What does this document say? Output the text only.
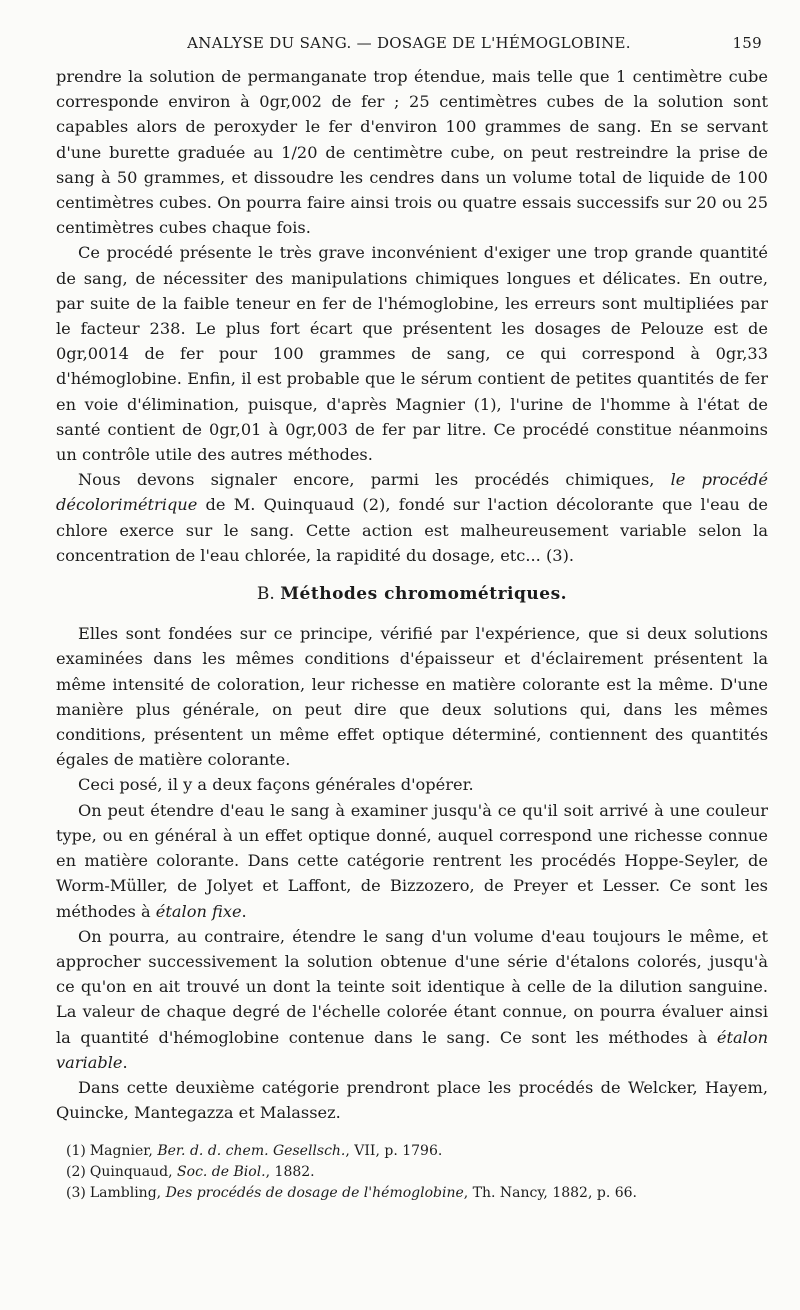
ANALYSE DU SANG. — DOSAGE DE L'HÉMOGLOBINE.	159

prendre la solution de permanganate trop étendue, mais telle que 1 centimètre cube corresponde environ à 0gr,002 de fer ; 25 centimètres cubes de la solution sont capables alors de peroxyder le fer d'environ 100 grammes de sang. En se servant d'une burette graduée au 1/20 de centimètre cube, on peut restreindre la prise de sang à 50 grammes, et dissoudre les cendres dans un volume total de liquide de 100 centimètres cubes. On pourra faire ainsi trois ou quatre essais successifs sur 20 ou 25 centimètres cubes chaque fois.

Ce procédé présente le très grave inconvénient d'exiger une trop grande quantité de sang, de nécessiter des manipulations chimiques longues et délicates. En outre, par suite de la faible teneur en fer de l'hémoglobine, les erreurs sont multipliées par le facteur 238. Le plus fort écart que présentent les dosages de Pelouze est de 0gr,0014 de fer pour 100 grammes de sang, ce qui correspond à 0gr,33 d'hémoglobine. Enfin, il est probable que le sérum contient de petites quantités de fer en voie d'élimination, puisque, d'après Magnier (1), l'urine de l'homme à l'état de santé contient de 0gr,01 à 0gr,003 de fer par litre. Ce procédé constitue néanmoins un contrôle utile des autres méthodes.

Nous devons signaler encore, parmi les procédés chimiques, le procédé décolorimétrique de M. Quinquaud (2), fondé sur l'action décolorante que l'eau de chlore exerce sur le sang. Cette action est malheureusement variable selon la concentration de l'eau chlorée, la rapidité du dosage, etc... (3).

B. Méthodes chromométriques.

Elles sont fondées sur ce principe, vérifié par l'expérience, que si deux solutions examinées dans les mêmes conditions d'épaisseur et d'éclairement présentent la même intensité de coloration, leur richesse en matière colorante est la même. D'une manière plus générale, on peut dire que deux solutions qui, dans les mêmes conditions, présentent un même effet optique déterminé, contiennent des quantités égales de matière colorante.

Ceci posé, il y a deux façons générales d'opérer.

On peut étendre d'eau le sang à examiner jusqu'à ce qu'il soit arrivé à une couleur type, ou en général à un effet optique donné, auquel correspond une richesse connue en matière colorante. Dans cette catégorie rentrent les procédés Hoppe-Seyler, de Worm-Müller, de Jolyet et Laffont, de Bizzozero, de Preyer et Lesser. Ce sont les méthodes à étalon fixe.

On pourra, au contraire, étendre le sang d'un volume d'eau toujours le même, et approcher successivement la solution obtenue d'une série d'étalons colorés, jusqu'à ce qu'on en ait trouvé un dont la teinte soit identique à celle de la dilution sanguine. La valeur de chaque degré de l'échelle colorée étant connue, on pourra évaluer ainsi la quantité d'hémoglobine contenue dans le sang. Ce sont les méthodes à étalon variable.

Dans cette deuxième catégorie prendront place les procédés de Welcker, Hayem, Quincke, Mantegazza et Malassez.

(1) Magnier, Ber. d. d. chem. Gesellsch., VII, p. 1796.
(2) Quinquaud, Soc. de Biol., 1882.
(3) Lambling, Des procédés de dosage de l'hémoglobine, Th. Nancy, 1882, p. 66.
